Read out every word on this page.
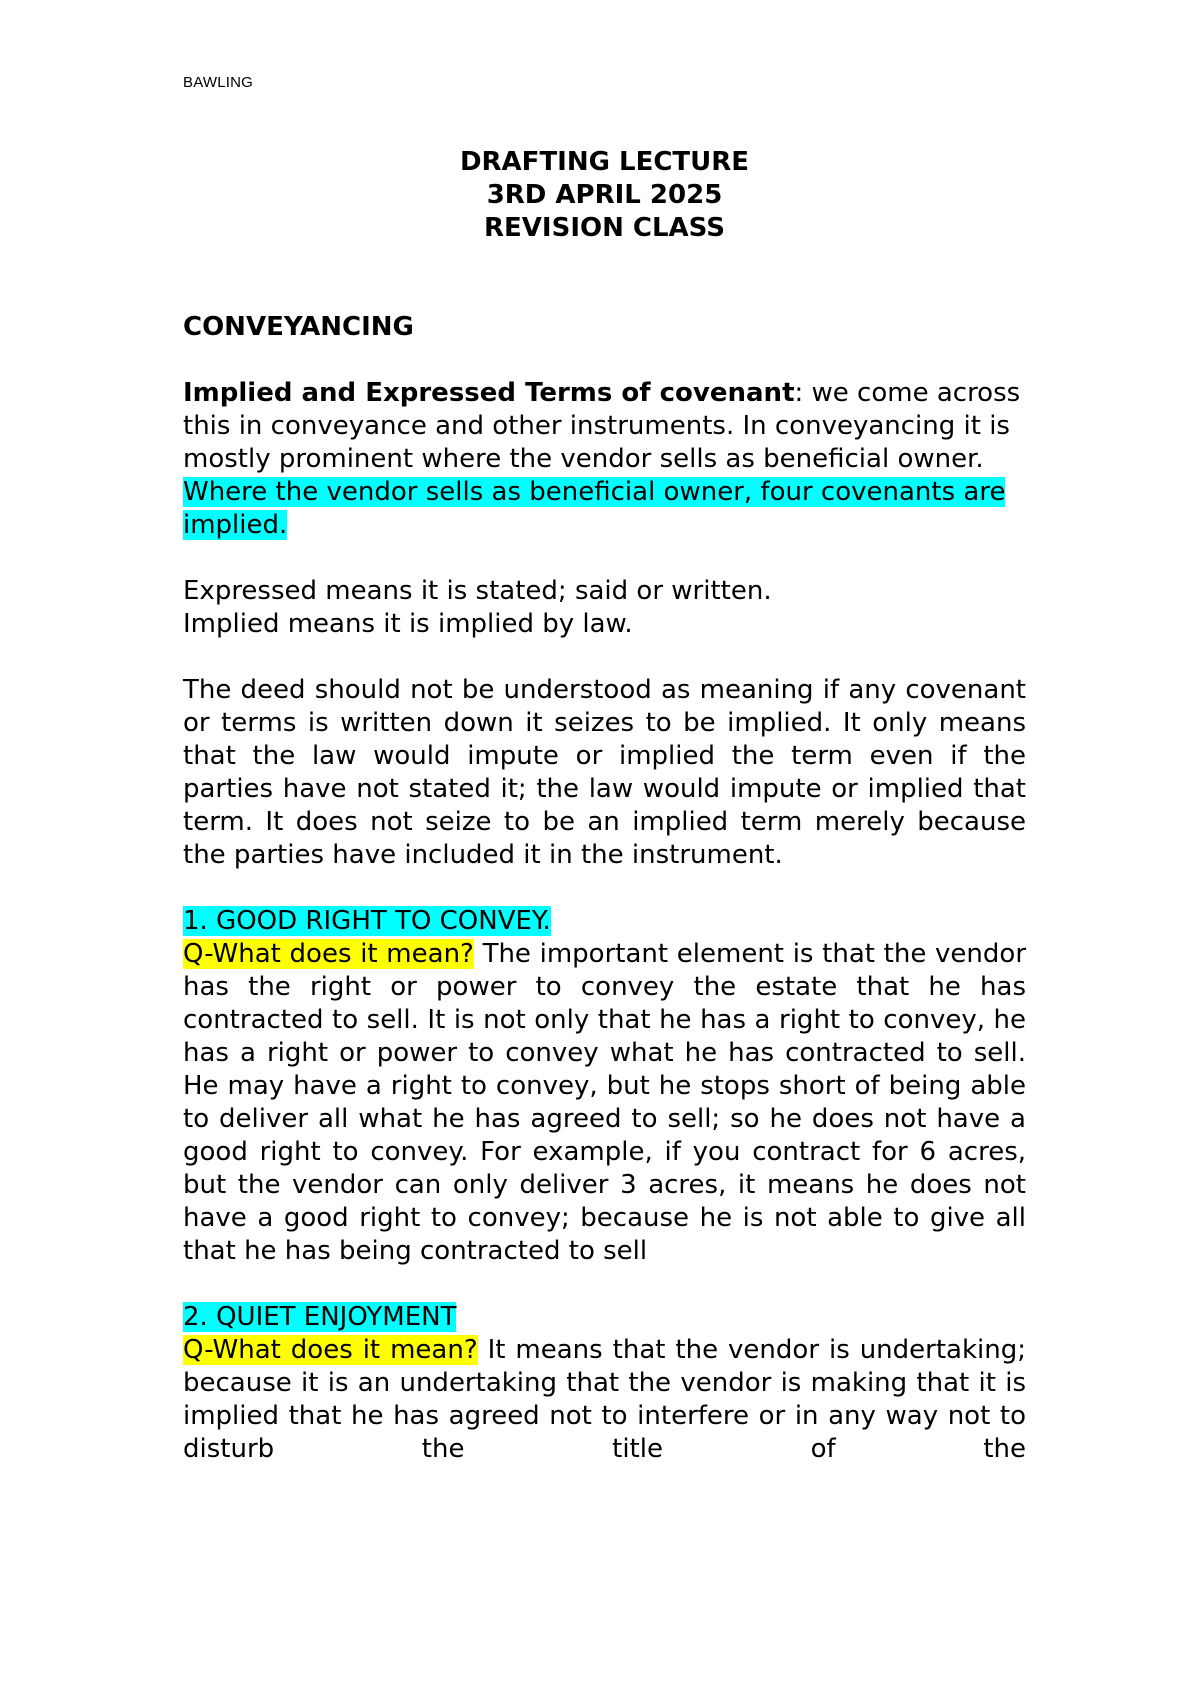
BAWLING
DRAFTING LECTURE
3RD APRIL 2025
REVISION CLASS

CONVEYANCING

Implied and Expressed Terms of covenant: we come across this in conveyance and other instruments. In conveyancing it is mostly prominent where the vendor sells as beneficial owner. Where the vendor sells as beneficial owner, four covenants are implied.

Expressed means it is stated; said or written.

Implied means it is implied by law.

The deed should not be understood as meaning if any covenant or terms is written down it seizes to be implied. It only means that the law would impute or implied the term even if the parties have not stated it; the law would impute or implied that term. It does not seize to be an implied term merely because the parties have included it in the instrument.

1. GOOD RIGHT TO CONVEY.

Q-What does it mean? The important element is that the vendor has the right or power to convey the estate that he has contracted to sell. It is not only that he has a right to convey, he has a right or power to convey what he has contracted to sell. He may have a right to convey, but he stops short of being able to deliver all what he has agreed to sell; so he does not have a good right to convey. For example, if you contract for 6 acres, but the vendor can only deliver 3 acres, it means he does not have a good right to convey; because he is not able to give all that he has being contracted to sell

2. QUIET ENJOYMENT

Q-What does it mean? It means that the vendor is undertaking; because it is an undertaking that the vendor is making that it is implied that he has agreed not to interfere or in any way not to disturb the title of the
